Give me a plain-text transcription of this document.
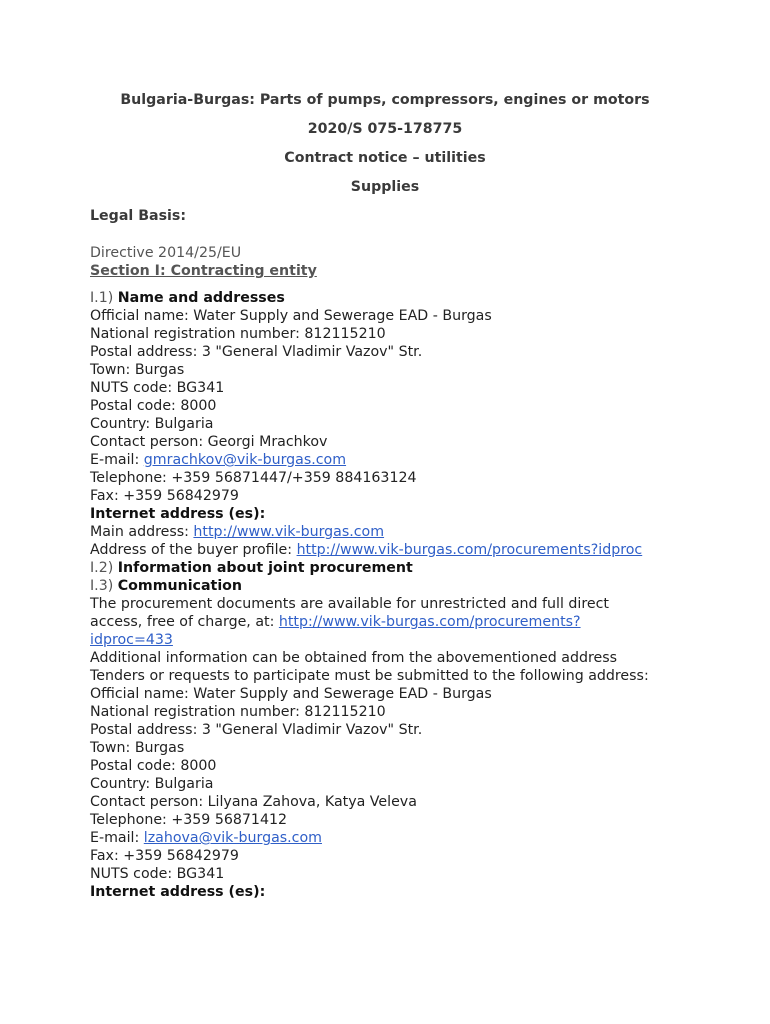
Bulgaria-Burgas: Parts of pumps, compressors, engines or motors
2020/S 075-178775
Contract notice – utilities
Supplies
Legal Basis:
Directive 2014/25/EU
Section I: Contracting entity
I.1) Name and addresses
Official name: Water Supply and Sewerage EAD - Burgas
National registration number: 812115210
Postal address: 3 "General Vladimir Vazov" Str.
Town: Burgas
NUTS code: BG341
Postal code: 8000
Country: Bulgaria
Contact person: Georgi Mrachkov
E-mail: gmrachkov@vik-burgas.com
Telephone: +359 56871447/+359 884163124
Fax: +359 56842979
Internet address (es):
Main address: http://www.vik-burgas.com
Address of the buyer profile: http://www.vik-burgas.com/procurements?idproc
I.2) Information about joint procurement
I.3) Communication
The procurement documents are available for unrestricted and full direct access, free of charge, at: http://www.vik-burgas.com/procurements?idproc=433
Additional information can be obtained from the abovementioned address
Tenders or requests to participate must be submitted to the following address:
Official name: Water Supply and Sewerage EAD - Burgas
National registration number: 812115210
Postal address: 3 "General Vladimir Vazov" Str.
Town: Burgas
Postal code: 8000
Country: Bulgaria
Contact person: Lilyana Zahova, Katya Veleva
Telephone: +359 56871412
E-mail: lzahova@vik-burgas.com
Fax: +359 56842979
NUTS code: BG341
Internet address (es):
